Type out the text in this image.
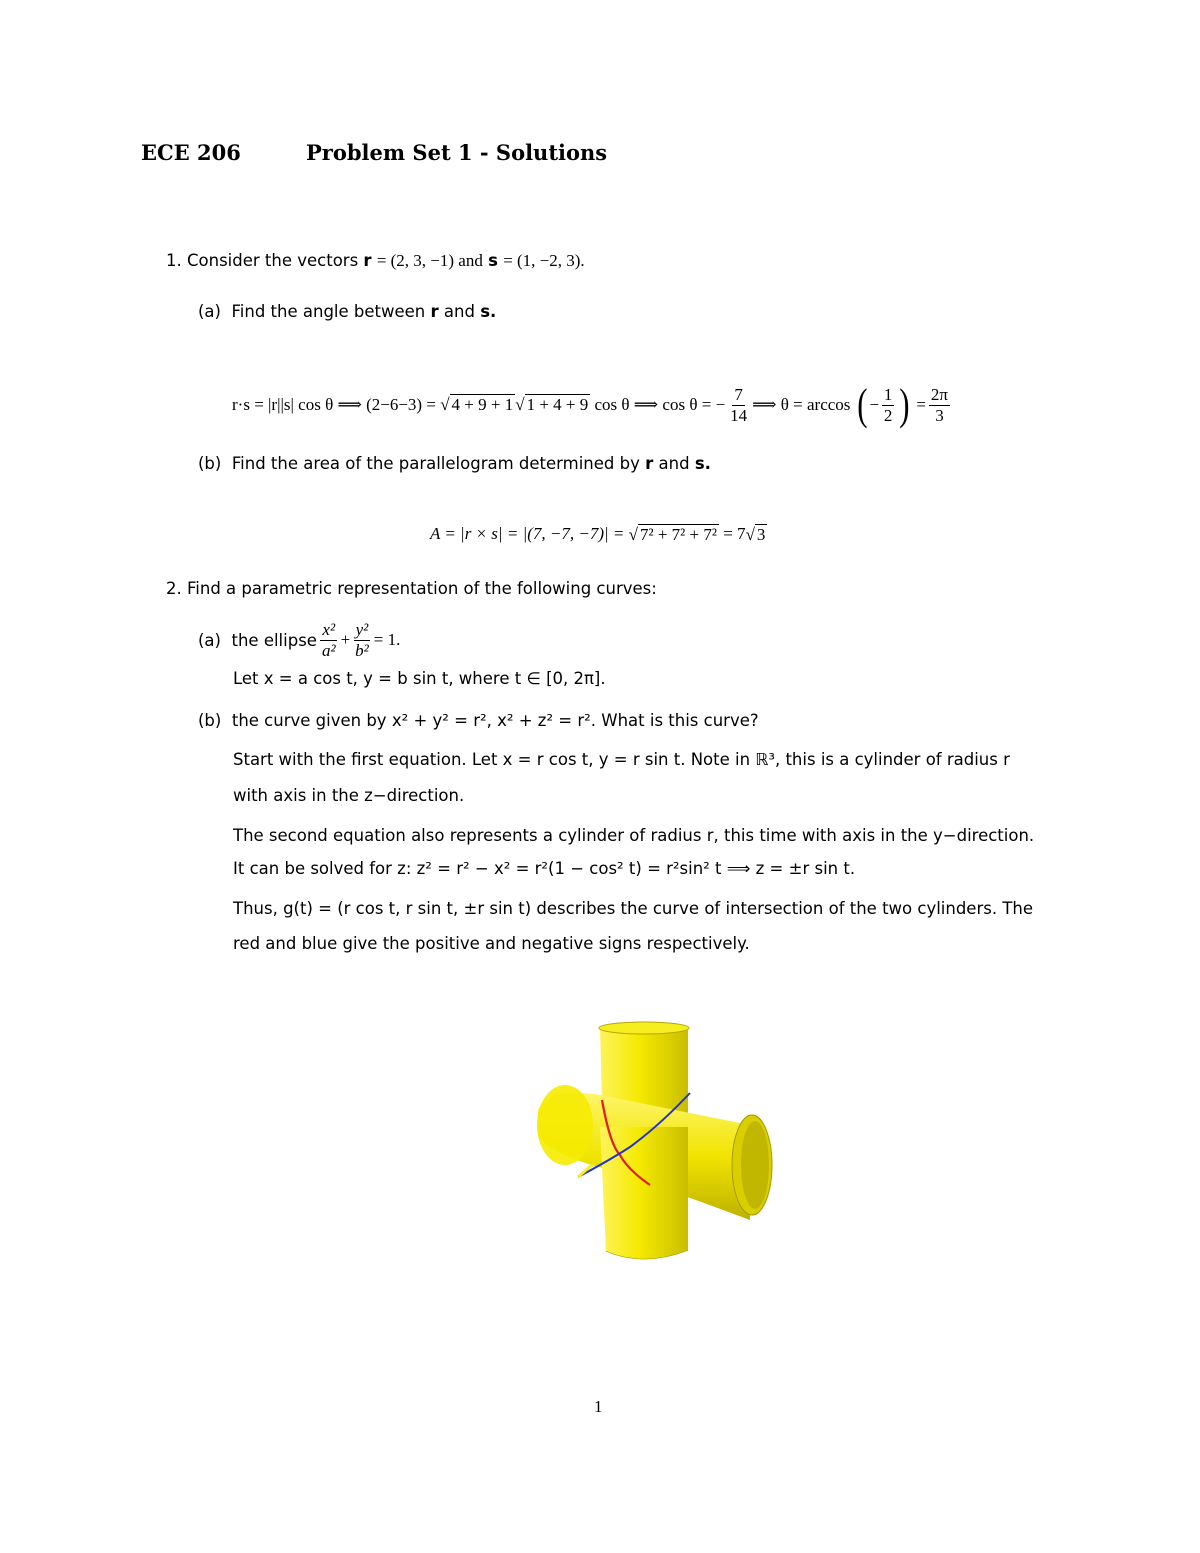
ECE 206	Problem Set 1 - Solutions
1. Consider the vectors r = (2, 3, −1) and s = (1, −2, 3).
(a) Find the angle between r and s.
r·s = |r||s| cos θ ⟹ (2−6−3) =
√ 4 + 9 + 1 √ 1 + 4 + 9
cos θ ⟹ cos θ = − $\frac{7}{14}$ ⟹ θ = arccos
( − $\frac{1}{2}$ )
= $\frac{2\pi}{3}$
(b) Find the area of the parallelogram determined by r and s.
A = |r × s| = |(7, −7, −7)| = √ 7² + 7² + 7² = 7√ 3
2. Find a parametric representation of the following curves:
(a)
the ellipse $\frac{\text{x²}}{\text{a²}} + \frac{\text{y²}}{\text{b²}} = 1$.
Let x = a cos t, y = b sin t, where t ∈ [0, 2π].
(b) the curve given by x² + y² = r², x² + z² = r². What is this curve?
Start with the first equation. Let x = r cos t, y = r sin t. Note in ℝ³, this is a cylinder of radius r
with axis in the z−direction.
The second equation also represents a cylinder of radius r, this time with axis in the y−direction.
It can be solved for z: z² = r² − x² = r²(1 − cos² t) = r²sin² t ⟹ z = ±r sin t.
Thus, g(t) = (r cos t, r sin t, ±r sin t) describes the curve of intersection of the two cylinders. The
red and blue give the positive and negative signs respectively.
1
